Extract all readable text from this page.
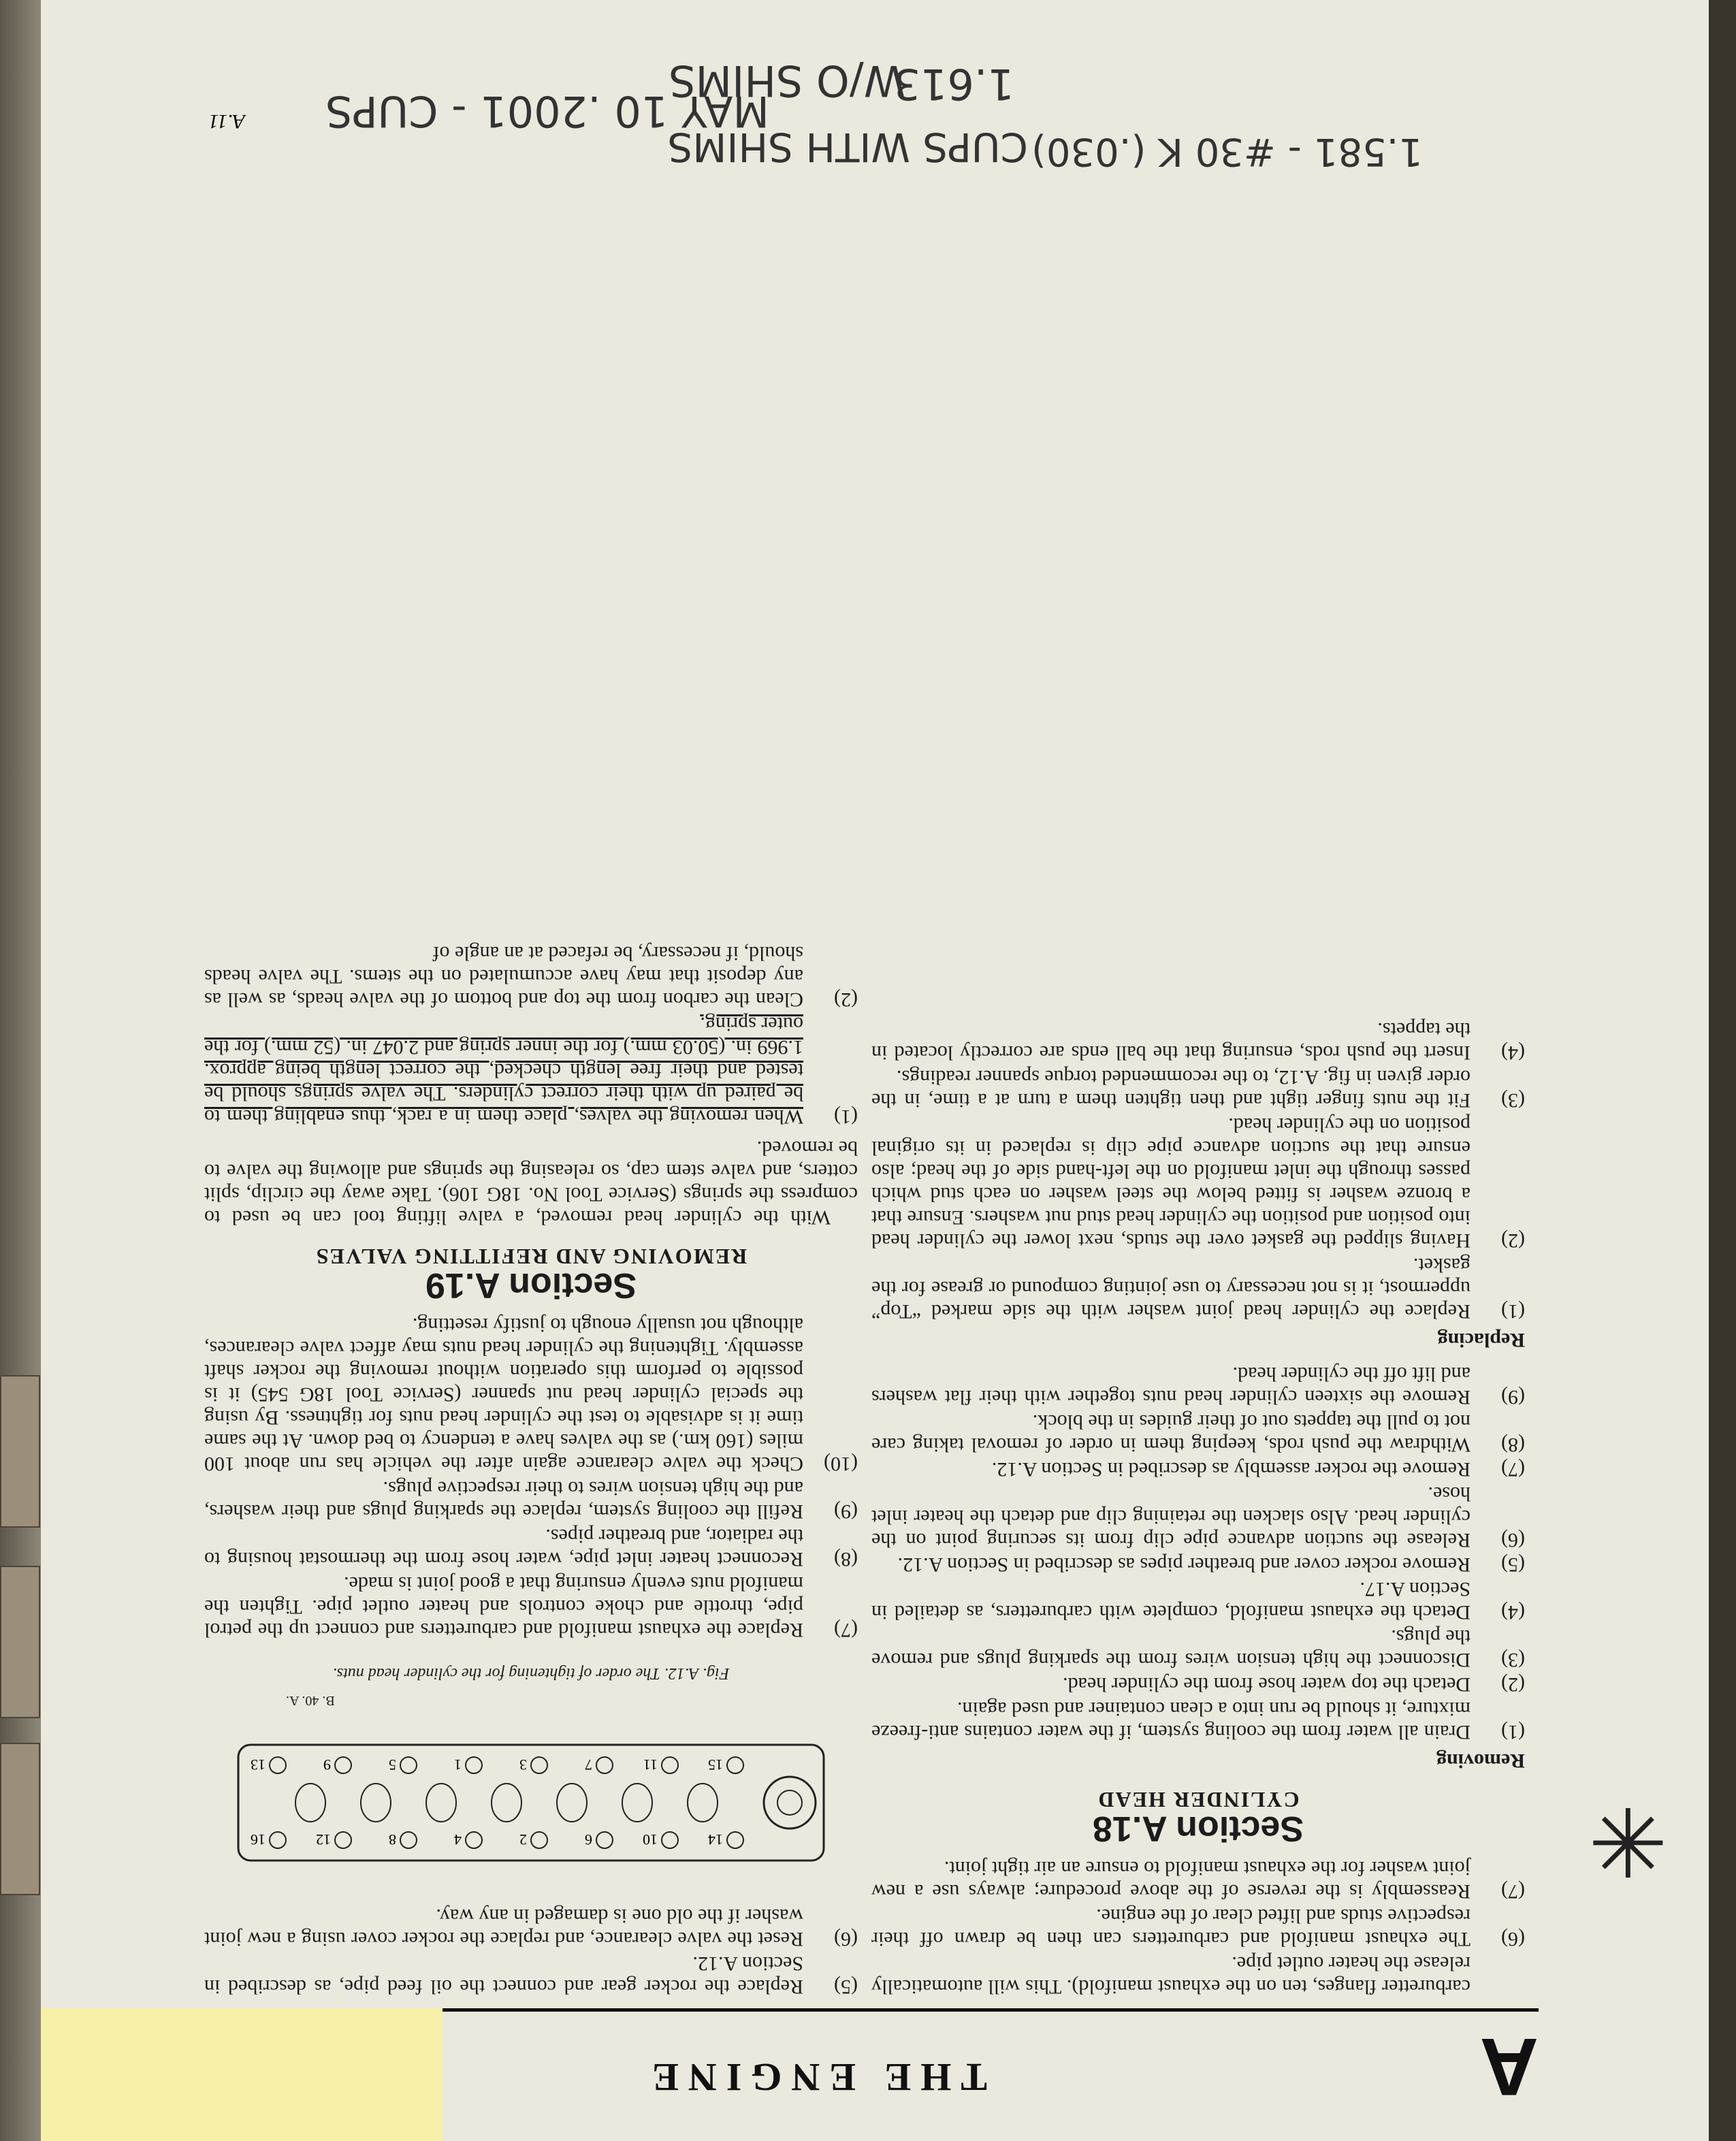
A
THE ENGINE
carburetter flanges, ten on the exhaust manifold). This will automatically release the heater outlet pipe.
(6)
The exhaust manifold and carburetters can then be drawn off their respective studs and lifted clear of the engine.
(7)
Reassembly is the reverse of the above procedure; always use a new joint washer for the exhaust manifold to ensure an air tight joint.
Section A.18
CYLINDER HEAD
Removing
(1)
Drain all water from the cooling system, if the water contains anti-freeze mixture, it should be run into a clean container and used again.
(2)
Detach the top water hose from the cylinder head.
(3)
Disconnect the high tension wires from the sparking plugs and remove the plugs.
(4)
Detach the exhaust manifold, complete with carburetters, as detailed in Section A.17.
(5)
Remove rocker cover and breather pipes as described in Section A.12.
(6)
Release the suction advance pipe clip from its securing point on the cylinder head. Also slacken the retaining clip and detach the heater inlet hose.
(7)
Remove the rocker assembly as described in Section A.12.
(8)
Withdraw the push rods, keeping them in order of removal taking care not to pull the tappets out of their guides in the block.
(9)
Remove the sixteen cylinder head nuts together with their flat washers and lift off the cylinder head.
Replacing
(1)
Replace the cylinder head joint washer with the side marked “Top” uppermost, it is not necessary to use jointing compound or grease for the gasket.
(2)
Having slipped the gasket over the studs, next lower the cylinder head into position and position the cylinder head stud nut washers. Ensure that a bronze washer is fitted below the steel washer on each stud which passes through the inlet manifold on the left-hand side of the head; also ensure that the suction advance pipe clip is replaced in its original position on the cylinder head.
(3)
Fit the nuts finger tight and then tighten them a turn at a time, in the order given in fig. A.12, to the recommended torque spanner readings.
(4)
Insert the push rods, ensuring that the ball ends are correctly located in the tappets.
(5)
Replace the rocker gear and connect the oil feed pipe, as described in Section A.12.
(6)
Reset the valve clearance, and replace the rocker cover using a new joint washer if the old one is damaged in any way.
14
15
10
11
6
7
2
3
4
1
8
5
12
9
16
13
B. 40. A.
Fig. A.12. The order of tightening for the cylinder head nuts.
(7)
Replace the exhaust manifold and carburetters and connect up the petrol pipe, throttle and choke controls and heater outlet pipe. Tighten the manifold nuts evenly ensuring that a good joint is made.
(8)
Reconnect heater inlet pipe, water hose from the thermostat housing to the radiator, and breather pipes.
(9)
Refill the cooling system, replace the sparking plugs and their washers, and the high tension wires to their respective plugs.
(10)
Check the valve clearance again after the vehicle has run about 100 miles (160 km.) as the valves have a tendency to bed down. At the same time it is advisable to test the cylinder head nuts for tightness. By using the special cylinder head nut spanner (Service Tool 18G 545) it is possible to perform this operation without removing the rocker shaft assembly. Tightening the cylinder head nuts may affect valve clearances, although not usually enough to justify resetting.
Section A.19
REMOVING AND REFITTING VALVES
With the cylinder head removed, a valve lifting tool can be used to compress the springs (Service Tool No. 18G 106). Take away the circlip, split cotters, and valve stem cap, so releasing the springs and allowing the valve to be removed.
(1)
When removing the valves, place them in a rack, thus enabling them to be paired up with their correct cylinders. The valve springs should be tested and their free length checked, the correct length being approx. 1.969 in. (50.03 mm.) for the inner spring and 2.047 in. (52 mm.) for the outer spring.
(2)
Clean the carbon from the top and bottom of the valve heads, as well as any deposit that may have accumulated on the stems. The valve heads should, if necessary, be refaced at an angle of
A.11 MAY 10 .2001 - CUPS
CUPS WITH SHIMS
W/O SHIMS
1.613
1.581 - #30 K (.030)
✳
